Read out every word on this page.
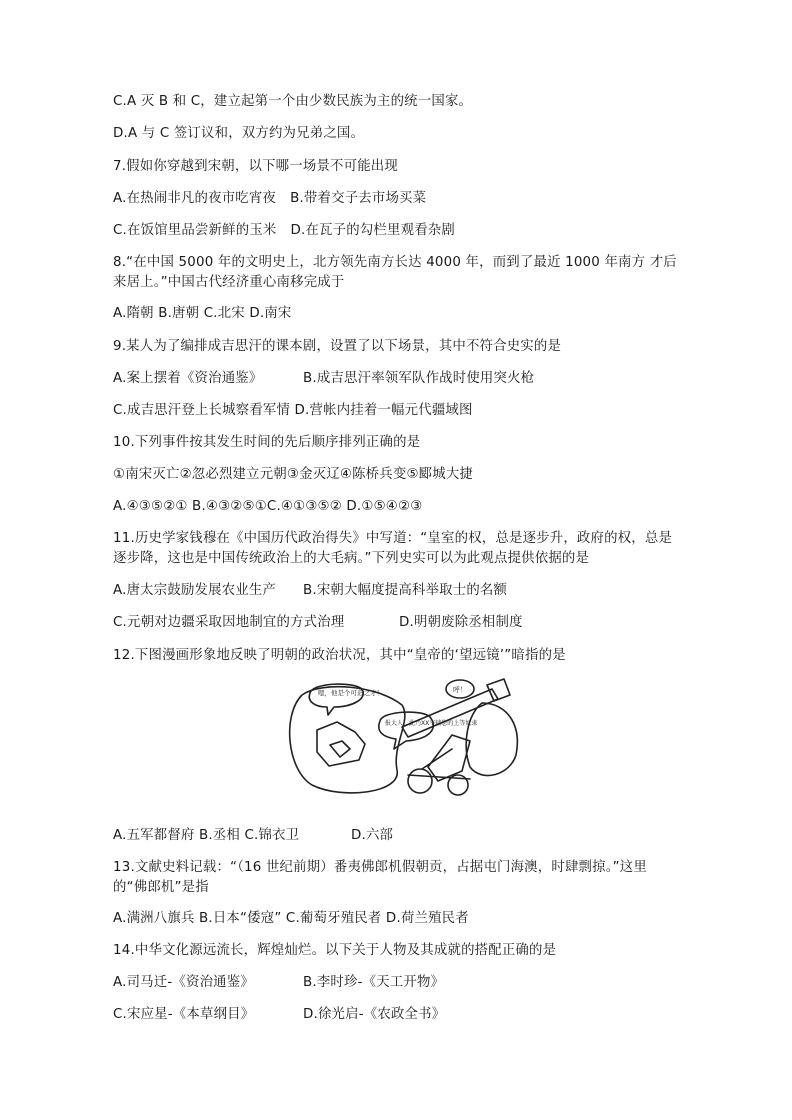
C.A 灭 B 和 C，建立起第一个由少数民族为主的统一国家。
D.A 与 C 签订议和，双方约为兄弟之国。
7.假如你穿越到宋朝，以下哪一场景不可能出现
A.在热闹非凡的夜市吃宵夜 B.带着交子去市场买菜
C.在饭馆里品尝新鲜的玉米 D.在瓦子的勾栏里观看杂剧
8.“在中国 5000 年的文明史上，北方领先南方长达 4000 年，而到了最近 1000 年南方 才后来居上。”中国古代经济重心南移完成于
A.隋朝 B.唐朝 C.北宋 D.南宋
9.某人为了编排成吉思汗的课本剧，设置了以下场景，其中不符合史实的是
A.案上摆着《资治通鉴》	B.成吉思汗率领军队作战时使用突火枪
C.成吉思汗登上长城察看军情 D.营帐内挂着一幅元代疆域图
10.下列事件按其发生时间的先后顺序排列正确的是
①南宋灭亡②忽必烈建立元朝③金灭辽④陈桥兵变⑤郾城大捷
A.④③⑤②① B.④③②⑤①C.④①③⑤② D.①⑤④②③
11.历史学家钱穆在《中国历代政治得失》中写道：“皇室的权，总是逐步升，政府的权，总是逐步降，这也是中国传统政治上的大毛病。”下列史实可以为此观点提供依据的是
A.唐太宗鼓励发展农业生产 B.宋朝大幅度提高科举取士的名额
C.元朝对边疆采取因地制宜的方式治理	D.明朝废除丞相制度
12.下图漫画形象地反映了明朝的政治状况，其中“皇帝的‘望远镜’”暗指的是
嗯，他是个可造之才！
报大人，此乃XX宰辅您的上等奴隶
呼！
A.五军都督府 B.丞相 C.锦衣卫	D.六部
13.文献史料记载：“（16 世纪前期）番夷佛郎机假朝贡，占据屯门海澳，时肆剽掠。”这里的“佛郎机”是指
A.满洲八旗兵 B.日本“倭寇” C.葡萄牙殖民者 D.荷兰殖民者
14.中华文化源远流长，辉煌灿烂。以下关于人物及其成就的搭配正确的是
A.司马迁-《资治通鉴》	B.李时珍-《天工开物》
C.宋应星-《本草纲目》	D.徐光启-《农政全书》
